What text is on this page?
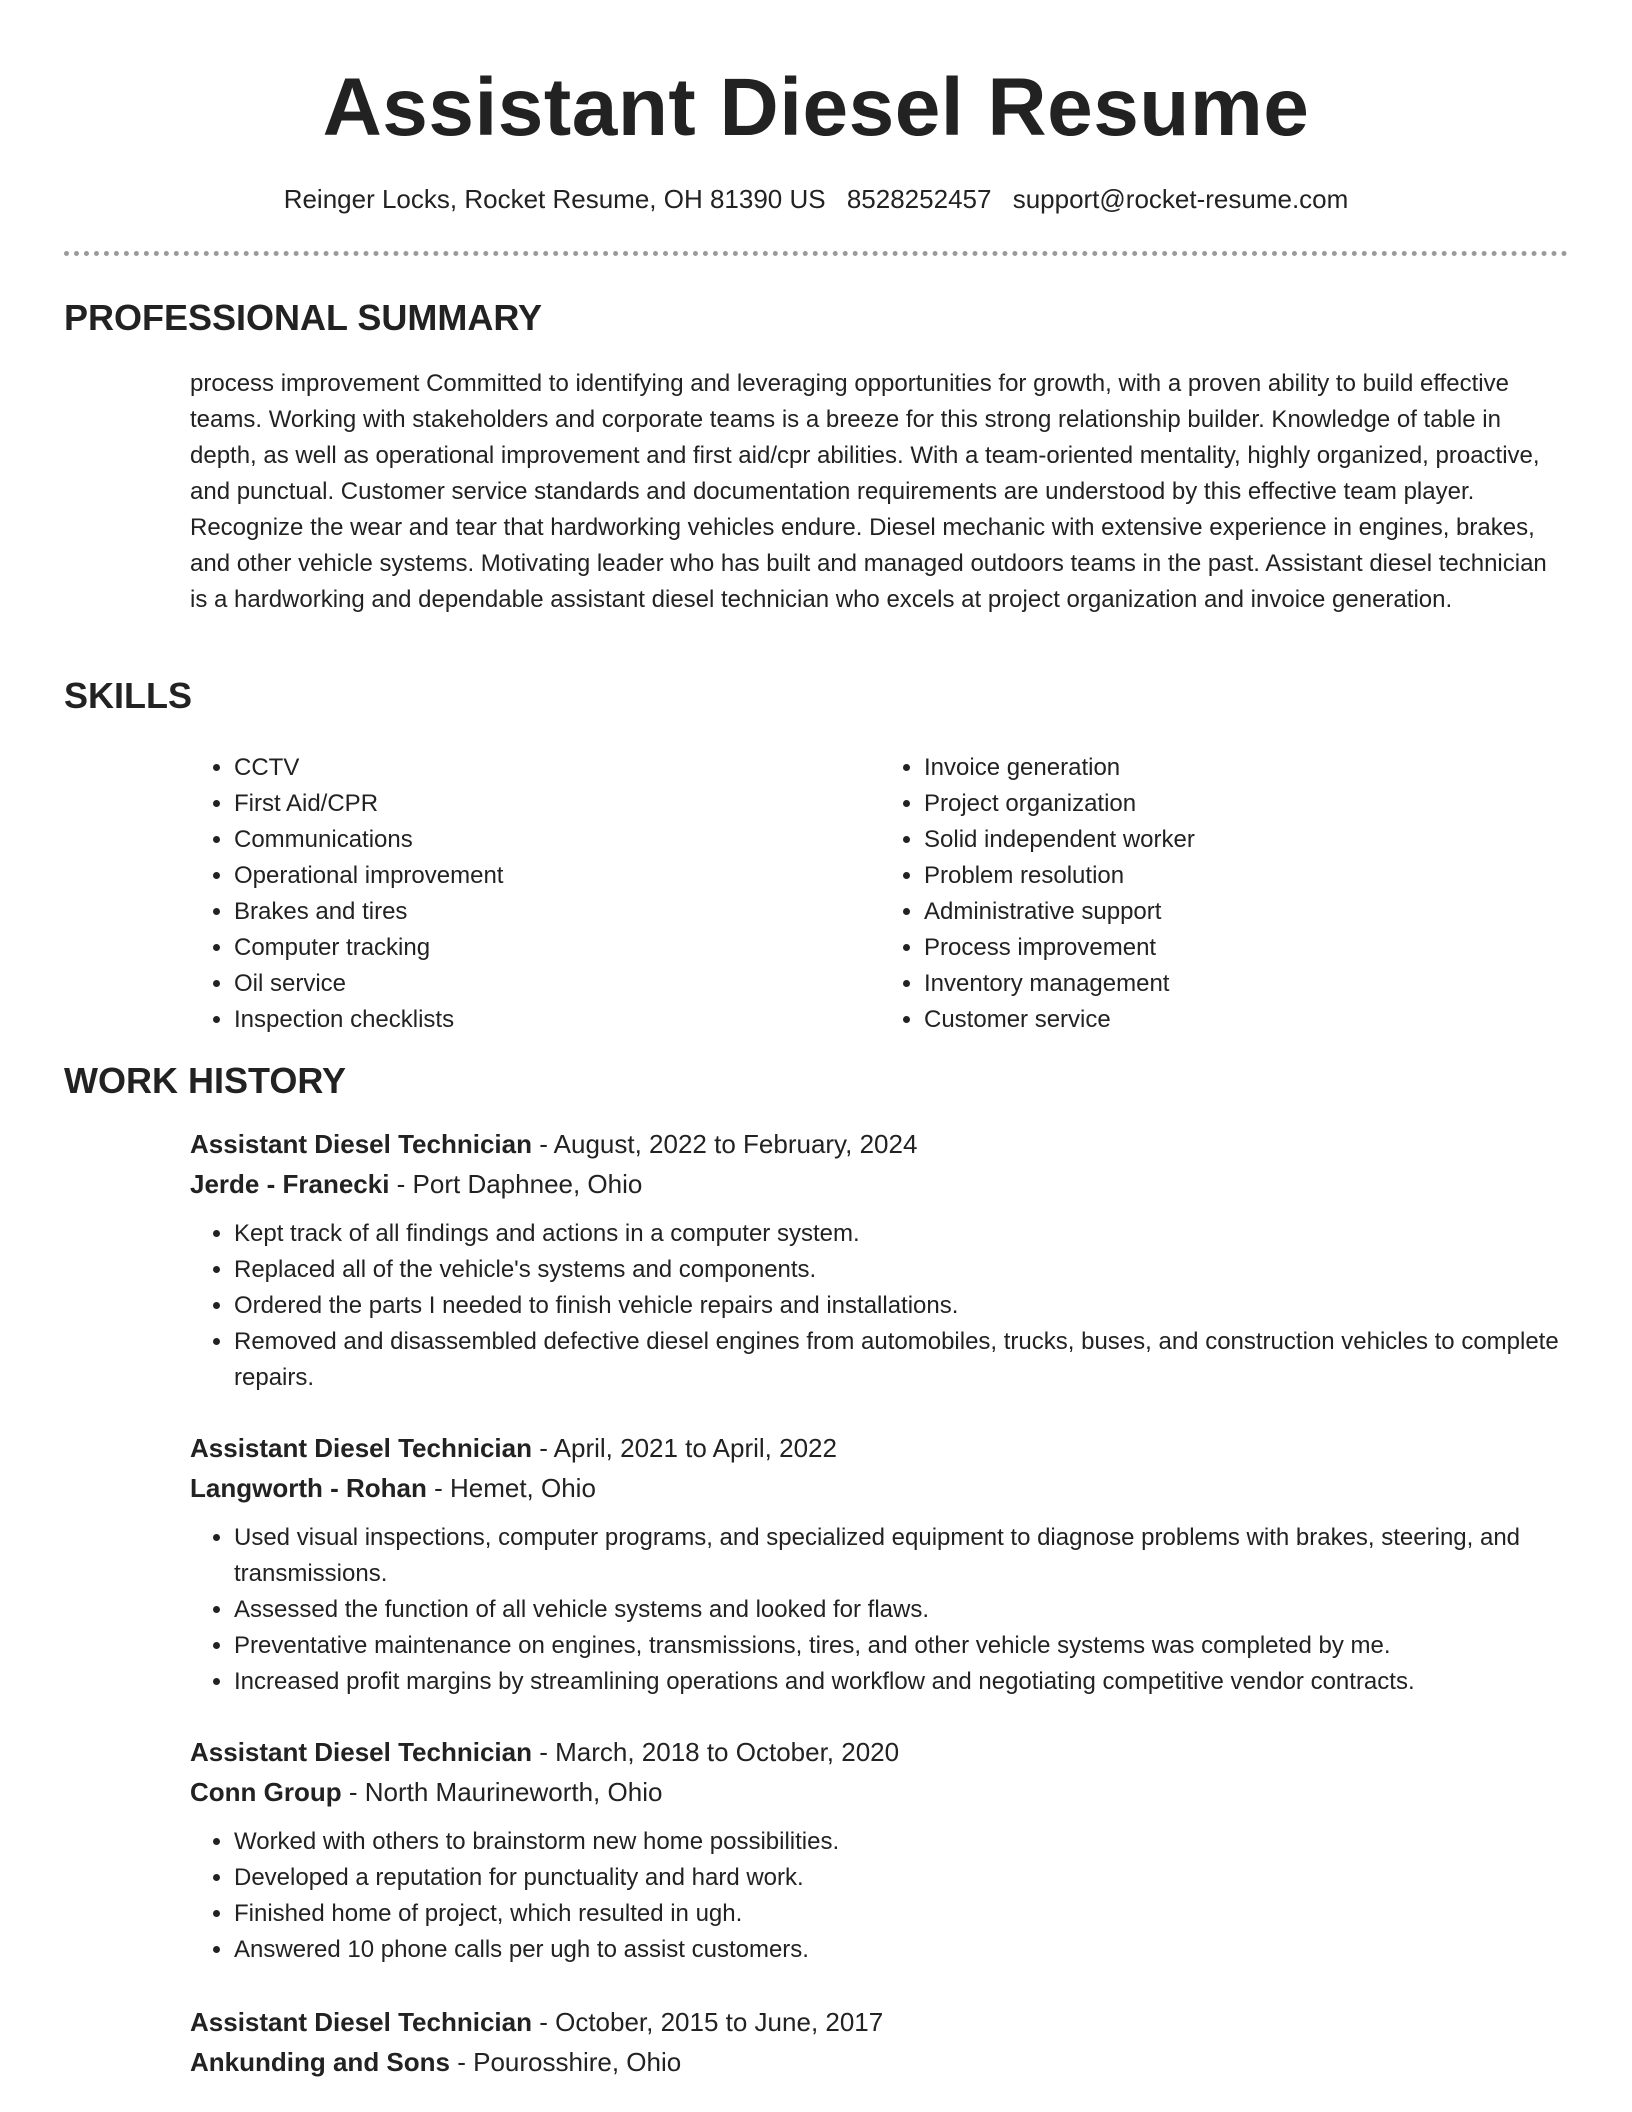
Assistant Diesel Resume
Reinger Locks, Rocket Resume, OH 81390 US 8528252457 support@rocket-resume.com
PROFESSIONAL SUMMARY

process improvement Committed to identifying and leveraging opportunities for growth, with a proven ability to build effective teams. Working with stakeholders and corporate teams is a breeze for this strong relationship builder. Knowledge of table in depth, as well as operational improvement and first aid/cpr abilities. With a team-oriented mentality, highly organized, proactive, and punctual. Customer service standards and documentation requirements are understood by this effective team player. Recognize the wear and tear that hardworking vehicles endure. Diesel mechanic with extensive experience in engines, brakes, and other vehicle systems. Motivating leader who has built and managed outdoors teams in the past. Assistant diesel technician is a hardworking and dependable assistant diesel technician who excels at project organization and invoice generation.

SKILLS
• CCTV
• First Aid/CPR
• Communications
• Operational improvement
• Brakes and tires
• Computer tracking
• Oil service
• Inspection checklists
• Invoice generation
• Project organization
• Solid independent worker
• Problem resolution
• Administrative support
• Process improvement
• Inventory management
• Customer service
WORK HISTORY

Assistant Diesel Technician - August, 2022 to February, 2024

Jerde - Franecki - Port Daphnee, Ohio

• Kept track of all findings and actions in a computer system.
• Replaced all of the vehicle's systems and components.
• Ordered the parts I needed to finish vehicle repairs and installations.
• Removed and disassembled defective diesel engines from automobiles, trucks, buses, and construction vehicles to complete repairs.

Assistant Diesel Technician - April, 2021 to April, 2022

Langworth - Rohan - Hemet, Ohio

• Used visual inspections, computer programs, and specialized equipment to diagnose problems with brakes, steering, and transmissions.
• Assessed the function of all vehicle systems and looked for flaws.
• Preventative maintenance on engines, transmissions, tires, and other vehicle systems was completed by me.
• Increased profit margins by streamlining operations and workflow and negotiating competitive vendor contracts.

Assistant Diesel Technician - March, 2018 to October, 2020

Conn Group - North Maurineworth, Ohio

• Worked with others to brainstorm new home possibilities.
• Developed a reputation for punctuality and hard work.
• Finished home of project, which resulted in ugh.
• Answered 10 phone calls per ugh to assist customers.

Assistant Diesel Technician - October, 2015 to June, 2017

Ankunding and Sons - Pourosshire, Ohio
